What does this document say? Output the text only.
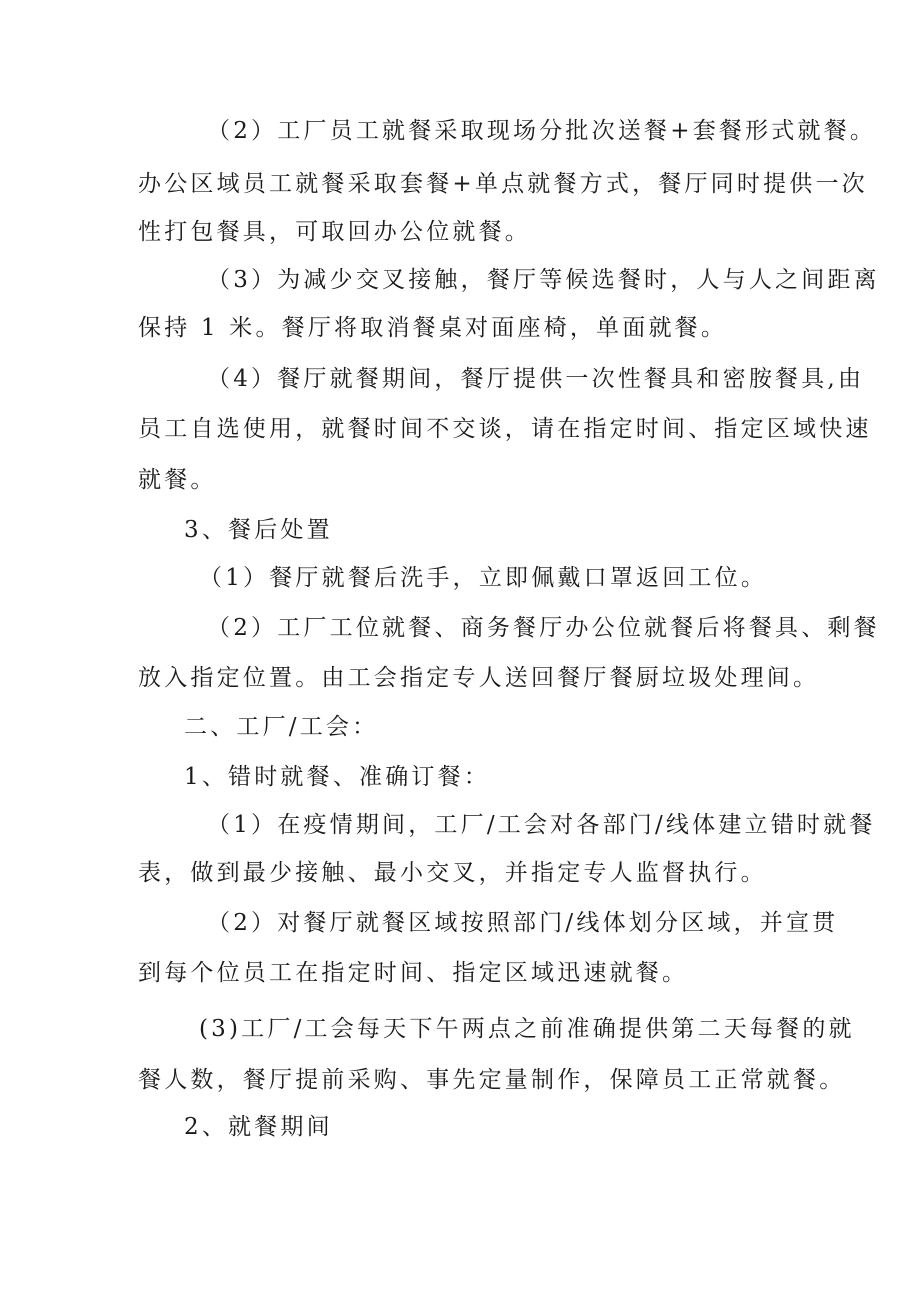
（2）工厂员工就餐采取现场分批次送餐+套餐形式就餐。
办公区域员工就餐采取套餐+单点就餐方式，餐厅同时提供一次
性打包餐具，可取回办公位就餐。
（3）为减少交叉接触，餐厅等候选餐时，人与人之间距离
保持 1 米。餐厅将取消餐桌对面座椅，单面就餐。
（4）餐厅就餐期间，餐厅提供一次性餐具和密胺餐具,由
员工自选使用，就餐时间不交谈，请在指定时间、指定区域快速
就餐。
3、餐后处置
（1）餐厅就餐后洗手，立即佩戴口罩返回工位。
（2）工厂工位就餐、商务餐厅办公位就餐后将餐具、剩餐
放入指定位置。由工会指定专人送回餐厅餐厨垃圾处理间。
二、工厂/工会：
1、错时就餐、准确订餐：
（1）在疫情期间，工厂/工会对各部门/线体建立错时就餐
表，做到最少接触、最小交叉，并指定专人监督执行。
（2）对餐厅就餐区域按照部门/线体划分区域，并宣贯
到每个位员工在指定时间、指定区域迅速就餐。
(3)工厂/工会每天下午两点之前准确提供第二天每餐的就
餐人数，餐厅提前采购、事先定量制作，保障员工正常就餐。
2、就餐期间
